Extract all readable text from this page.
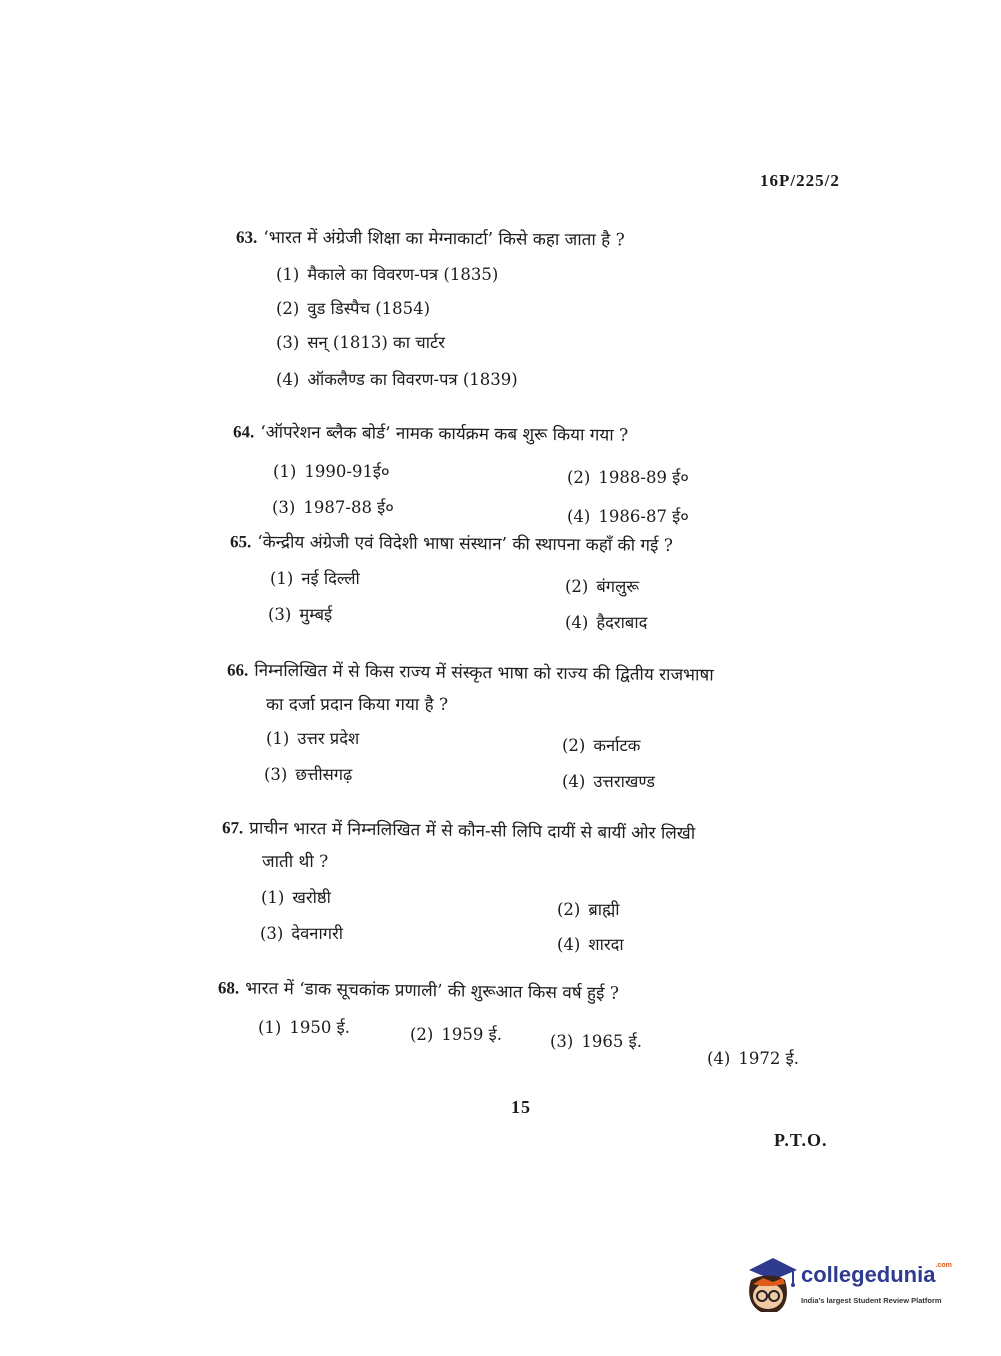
16P/225/2
63. ‘भारत में अंग्रेजी शिक्षा का मेग्नाकार्टा’ किसे कहा जाता है ?
(1) मैकाले का विवरण-पत्र (1835)
(2) वुड डिस्पैच (1854)
(3) सन् (1813) का चार्टर
(4) ऑकलैण्ड का विवरण-पत्र (1839)
64. ‘ऑपरेशन ब्लैक बोर्ड’ नामक कार्यक्रम कब शुरू किया गया ?
(1) 1990-91ई०	(2) 1988-89 ई०
(3) 1987-88 ई०	(4) 1986-87 ई०
65. ‘केन्द्रीय अंग्रेजी एवं विदेशी भाषा संस्थान’ की स्थापना कहाँ की गई ?
(1) नई दिल्ली	(2) बंगलुरू
(3) मुम्बई	(4) हैदराबाद
66. निम्नलिखित में से किस राज्य में संस्कृत भाषा को राज्य की द्वितीय राजभाषा
का दर्जा प्रदान किया गया है ?
(1) उत्तर प्रदेश	(2) कर्नाटक
(3) छत्तीसगढ़	(4) उत्तराखण्ड
67. प्राचीन भारत में निम्नलिखित में से कौन-सी लिपि दायीं से बायीं ओर लिखी
जाती थी ?
(1) खरोष्ठी
(2) ब्राह्मी
(3) देवनागरी
(4) शारदा
68. भारत में ‘डाक सूचकांक प्रणाली’ की शुरूआत किस वर्ष हुई ?
(1) 1950 ई.	(2) 1959 ई.	(3) 1965 ई.
(4) 1972 ई.
15
P.T.O.
collegedunia$^{.com}$
India's largest Student Review Platform
